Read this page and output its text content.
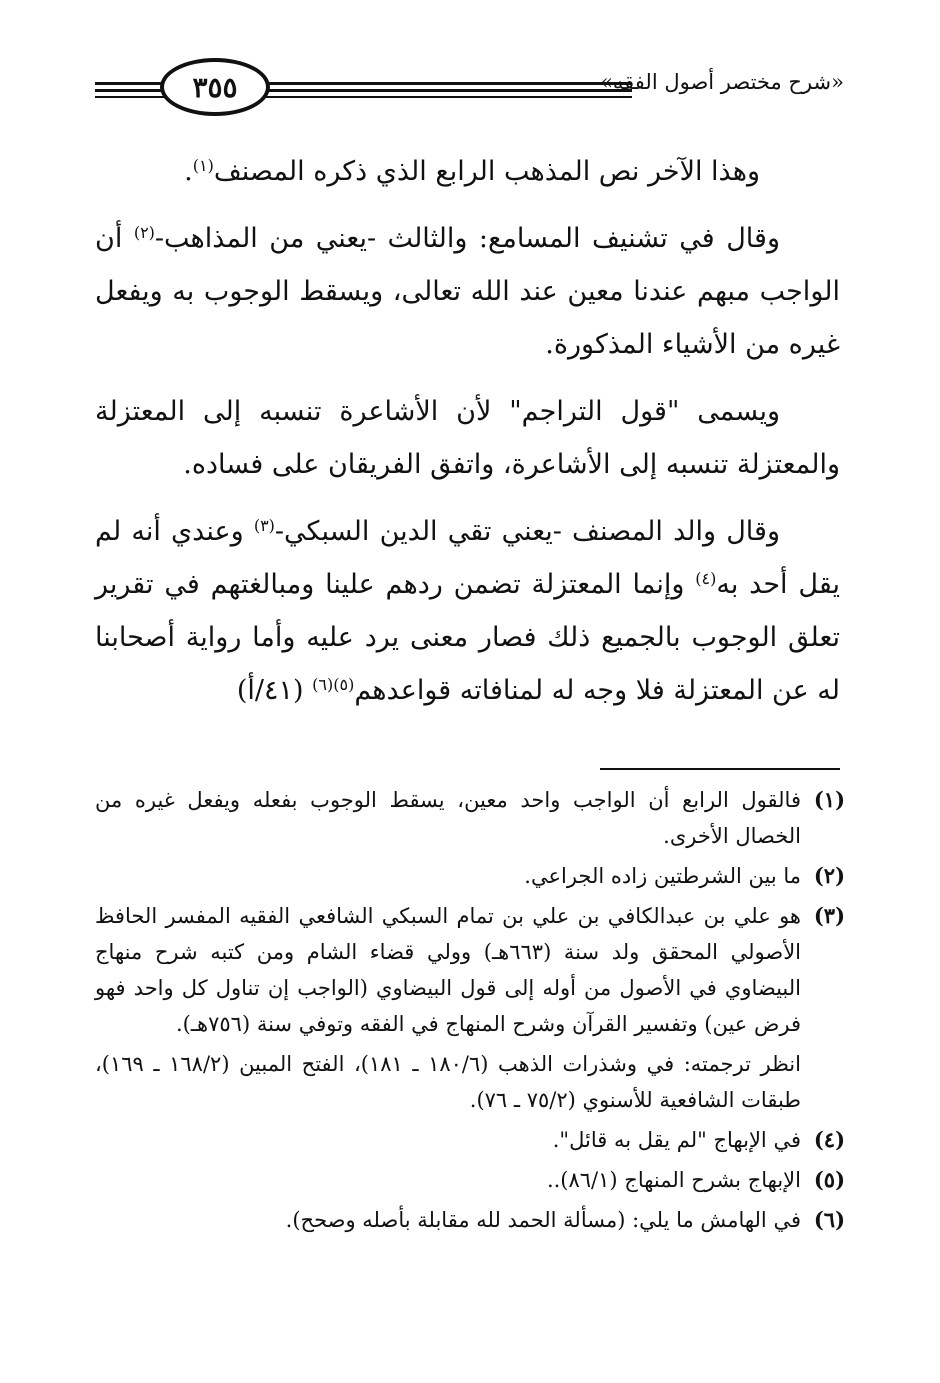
٣٥٥	«شرح مختصر أصول الفقه»

وهذا الآخر نص المذهب الرابع الذي ذكره المصنف$^{(١)}$.

وقال في تشنيف المسامع: والثالث -يعني من المذاهب-$^{(٢)}$ أن الواجب مبهم عندنا معين عند الله تعالى، ويسقط الوجوب به ويفعل غيره من الأشياء المذكورة.

ويسمى "قول التراجم" لأن الأشاعرة تنسبه إلى المعتزلة والمعتزلة تنسبه إلى الأشاعرة، واتفق الفريقان على فساده.

وقال والد المصنف -يعني تقي الدين السبكي-$^{(٣)}$ وعندي أنه لم يقل أحد به$^{(٤)}$ وإنما المعتزلة تضمن ردهم علينا ومبالغتهم في تقرير تعلق الوجوب بالجميع ذلك فصار معنى يرد عليه وأما رواية أصحابنا له عن المعتزلة فلا وجه له لمنافاته قواعدهم$^{(٥)(٦)}$ (٤١/أ)

(١)
فالقول الرابع أن الواجب واحد معين، يسقط الوجوب بفعله ويفعل غيره من الخصال الأخرى.
(٢)
ما بين الشرطتين زاده الجراعي.
(٣)
هو علي بن عبدالكافي بن علي بن تمام السبكي الشافعي الفقيه المفسر الحافظ الأصولي المحقق ولد سنة (٦٦٣هـ) وولي قضاء الشام ومن كتبه شرح منهاج البيضاوي في الأصول من أوله إلى قول البيضاوي (الواجب إن تناول كل واحد فهو فرض عين) وتفسير القرآن وشرح المنهاج في الفقه وتوفي سنة (٧٥٦هـ).
انظر ترجمته: في وشذرات الذهب (١٨٠/٦ ـ ١٨١)، الفتح المبين (١٦٨/٢ ـ ١٦٩)، طبقات الشافعية للأسنوي (٧٥/٢ ـ ٧٦).
(٤)
في الإبهاج "لم يقل به قائل".
(٥)
الإبهاج بشرح المنهاج (٨٦/١)..
(٦)
في الهامش ما يلي: (مسألة الحمد لله مقابلة بأصله وصحح).
